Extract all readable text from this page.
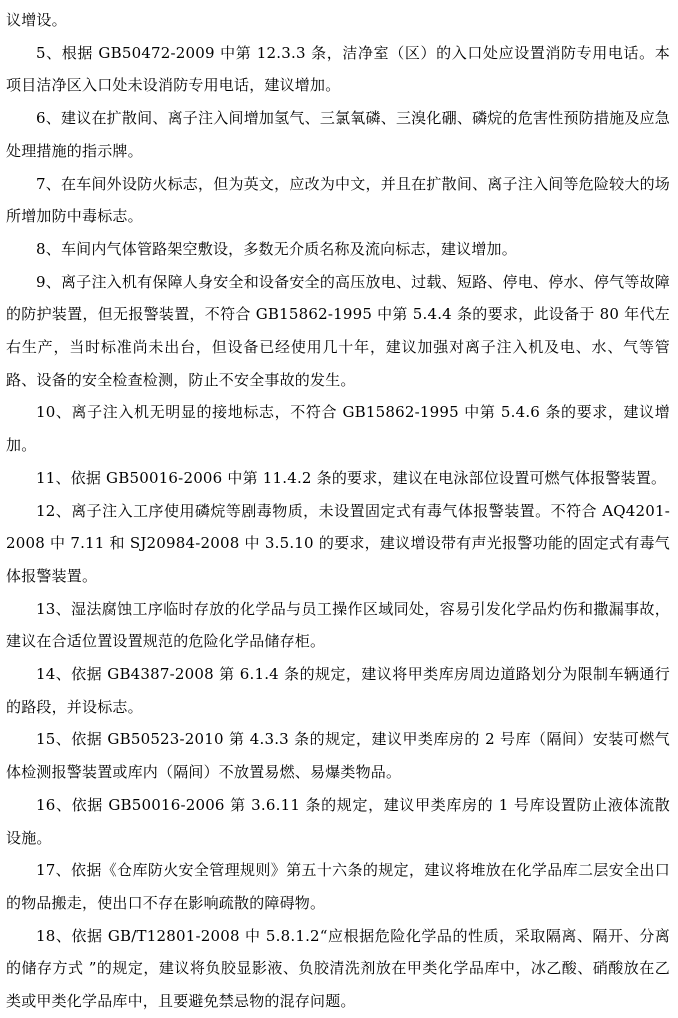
议增设。

5、根据 GB50472-2009 中第 12.3.3 条，洁净室（区）的入口处应设置消防专用电话。本项目洁净区入口处未设消防专用电话，建议增加。

6、建议在扩散间、离子注入间增加氢气、三氯氧磷、三溴化硼、磷烷的危害性预防措施及应急处理措施的指示牌。

7、在车间外设防火标志，但为英文，应改为中文，并且在扩散间、离子注入间等危险较大的场所增加防中毒标志。

8、车间内气体管路架空敷设，多数无介质名称及流向标志，建议增加。

9、离子注入机有保障人身安全和设备安全的高压放电、过载、短路、停电、停水、停气等故障的防护装置，但无报警装置，不符合 GB15862-1995 中第 5.4.4 条的要求，此设备于 80 年代左右生产，当时标准尚未出台，但设备已经使用几十年，建议加强对离子注入机及电、水、气等管路、设备的安全检查检测，防止不安全事故的发生。

10、离子注入机无明显的接地标志，不符合 GB15862-1995 中第 5.4.6 条的要求，建议增加。

11、依据 GB50016-2006 中第 11.4.2 条的要求，建议在电泳部位设置可燃气体报警装置。

12、离子注入工序使用磷烷等剧毒物质，未设置固定式有毒气体报警装置。不符合 AQ4201-2008 中 7.11 和 SJ20984-2008 中 3.5.10 的要求，建议增设带有声光报警功能的固定式有毒气体报警装置。

13、湿法腐蚀工序临时存放的化学品与员工操作区域同处，容易引发化学品灼伤和撒漏事故，建议在合适位置设置规范的危险化学品储存柜。

14、依据 GB4387-2008 第 6.1.4 条的规定，建议将甲类库房周边道路划分为限制车辆通行的路段，并设标志。

15、依据 GB50523-2010 第 4.3.3 条的规定，建议甲类库房的 2 号库（隔间）安装可燃气体检测报警装置或库内（隔间）不放置易燃、易爆类物品。

16、依据 GB50016-2006 第 3.6.11 条的规定，建议甲类库房的 1 号库设置防止液体流散设施。

17、依据《仓库防火安全管理规则》第五十六条的规定，建议将堆放在化学品库二层安全出口的物品搬走，使出口不存在影响疏散的障碍物。

18、依据 GB/T12801-2008 中 5.8.1.2“应根据危险化学品的性质，采取隔离、隔开、分离的储存方式 ”的规定，建议将负胶显影液、负胶清洗剂放在甲类化学品库中，冰乙酸、硝酸放在乙类或甲类化学品库中，且要避免禁忌物的混存问题。
